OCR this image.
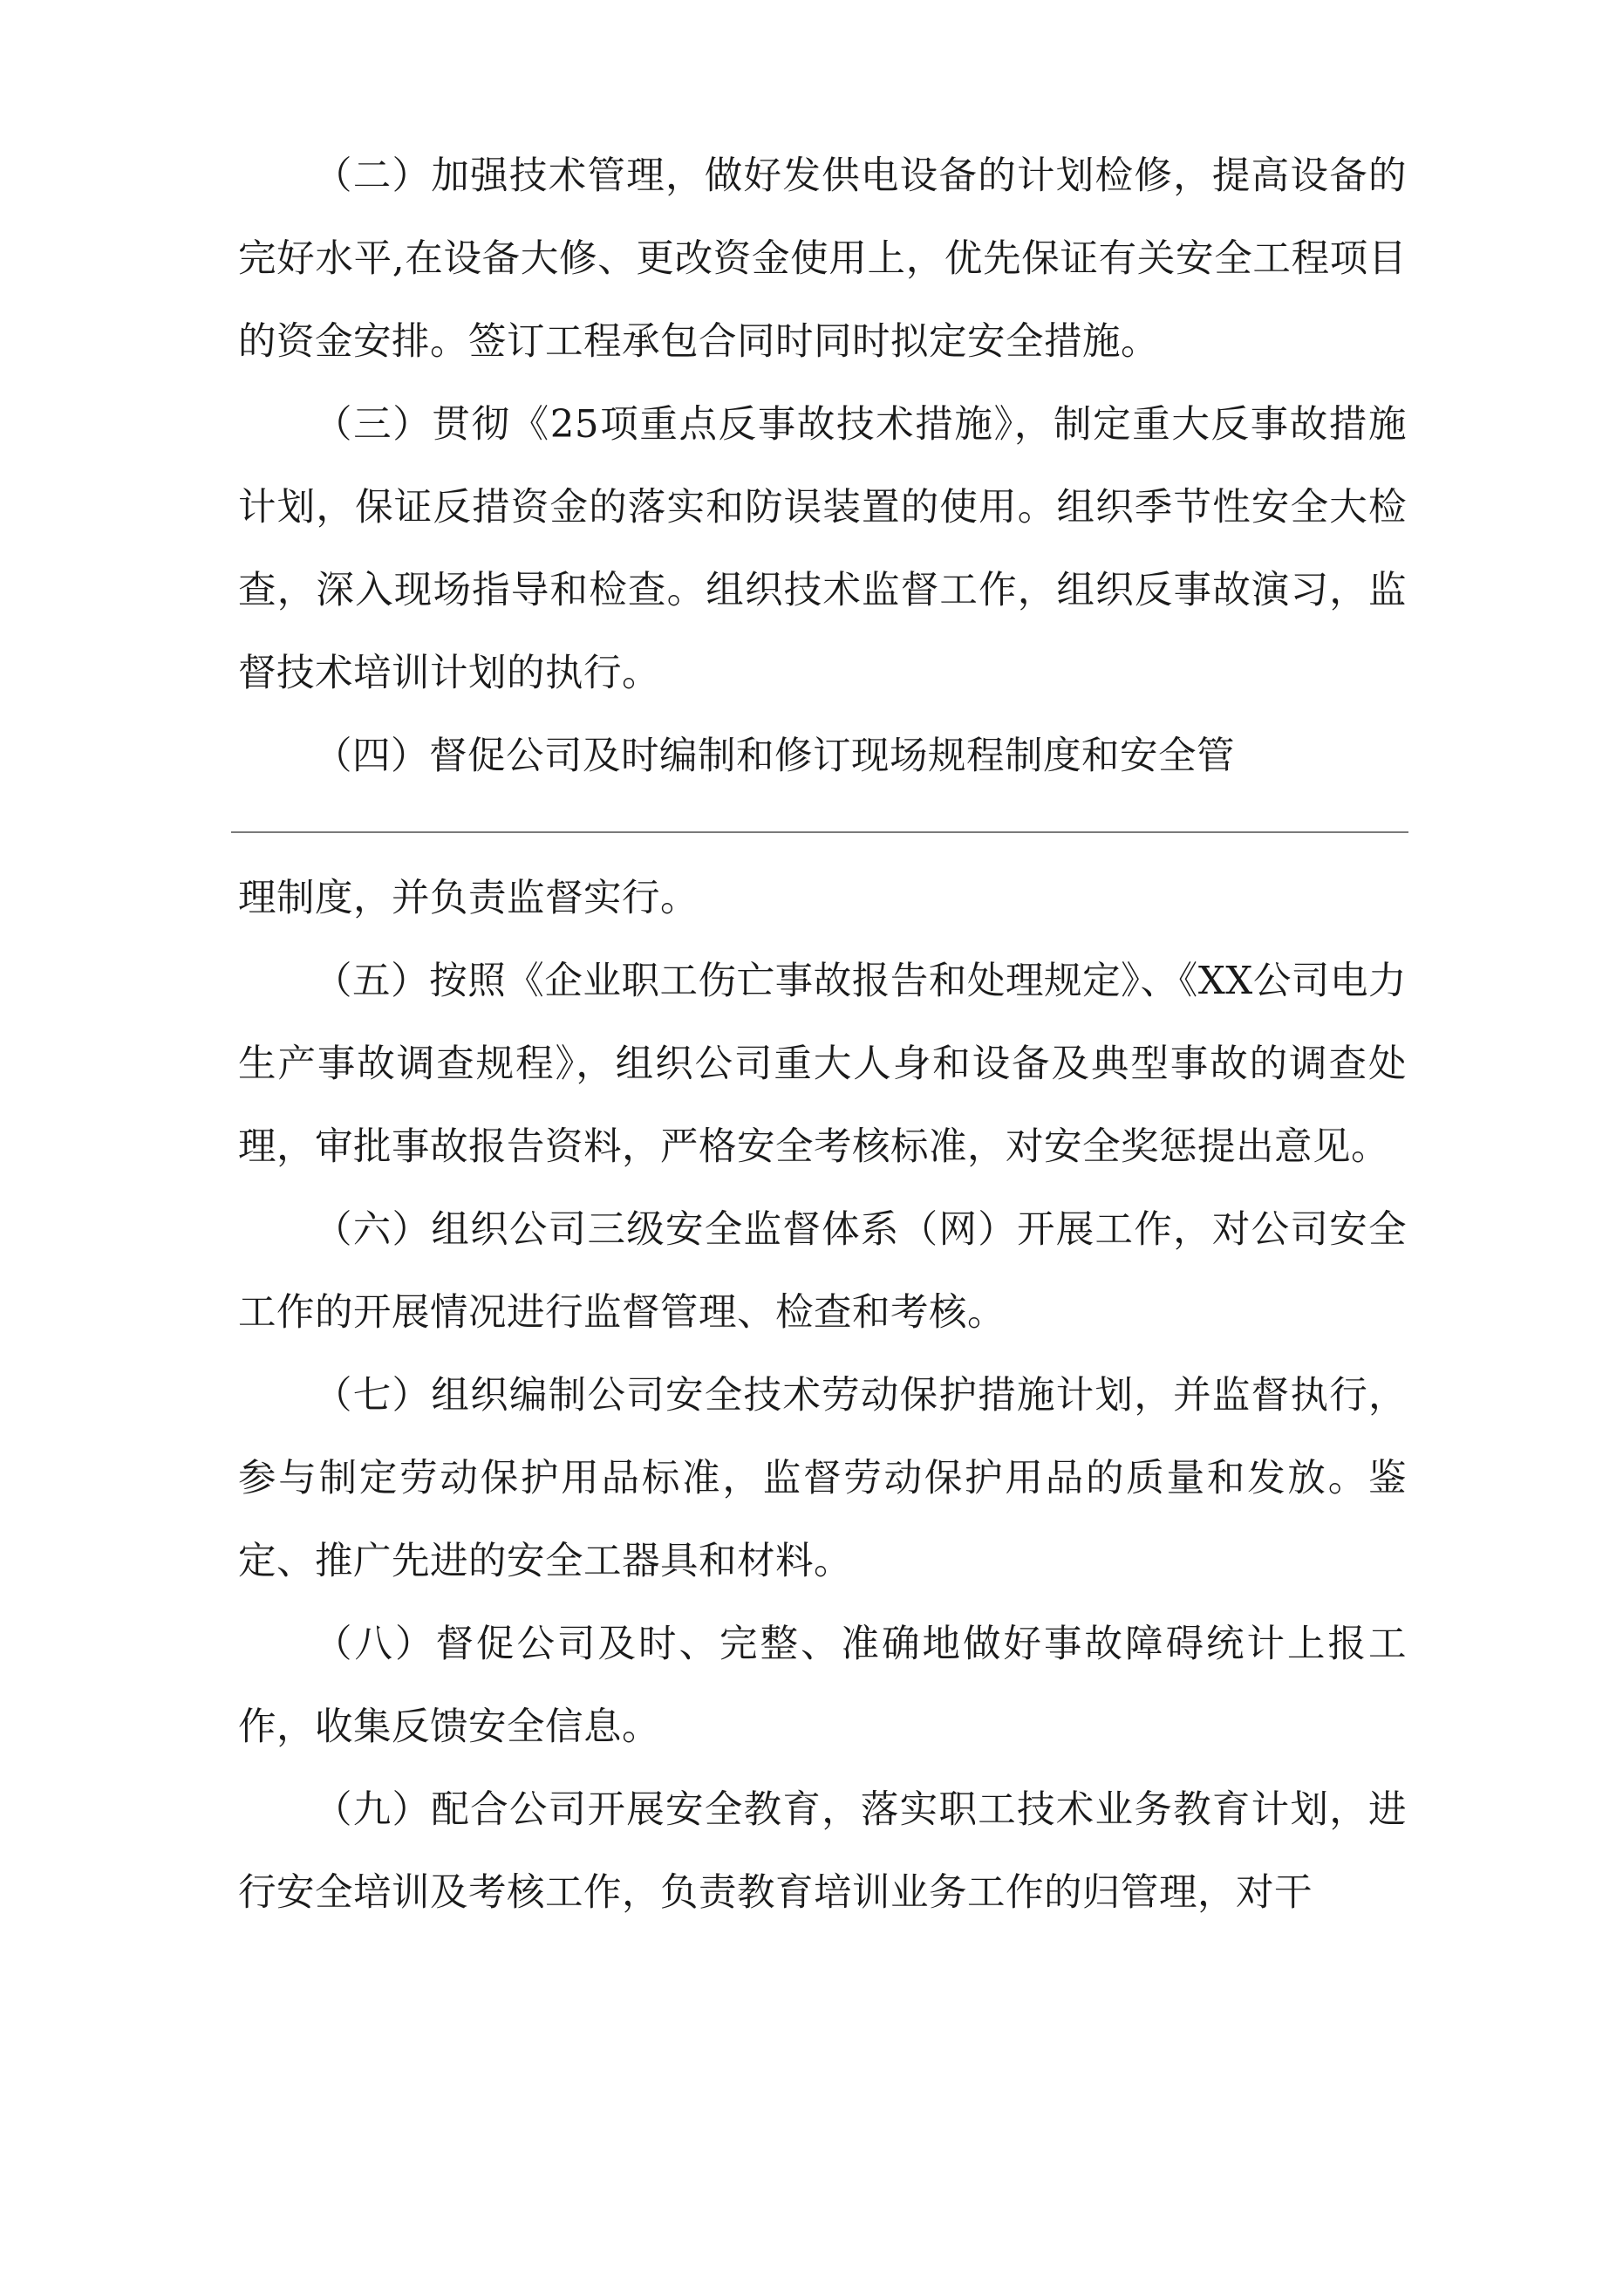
（二）加强技术管理，做好发供电设备的计划检修，提高设备的完好水平,在设备大修、更改资金使用上，优先保证有关安全工程项目的资金安排。签订工程承包合同时同时拟定安全措施。

（三）贯彻《25项重点反事故技术措施》，制定重大反事故措施计划，保证反措资金的落实和防误装置的使用。组织季节性安全大检查，深入现场指导和检查。组织技术监督工作，组织反事故演习，监督技术培训计划的执行。

（四）督促公司及时编制和修订现场规程制度和安全管

理制度，并负责监督实行。

（五）按照《企业职工伤亡事故报告和处理规定》、《XX公司电力生产事故调查规程》，组织公司重大人身和设备及典型事故的调查处理，审批事故报告资料，严格安全考核标准，对安全奖惩提出意见。

（六）组织公司三级安全监督体系（网）开展工作，对公司安全工作的开展情况进行监督管理、检查和考核。

（七）组织编制公司安全技术劳动保护措施计划，并监督执行，参与制定劳动保护用品标准，监督劳动保护用品的质量和发放。鉴定、推广先进的安全工器具和材料。

（八）督促公司及时、完整、准确地做好事故障碍统计上报工作，收集反馈安全信息。

（九）配合公司开展安全教育，落实职工技术业务教育计划，进行安全培训及考核工作，负责教育培训业务工作的归管理，对干
